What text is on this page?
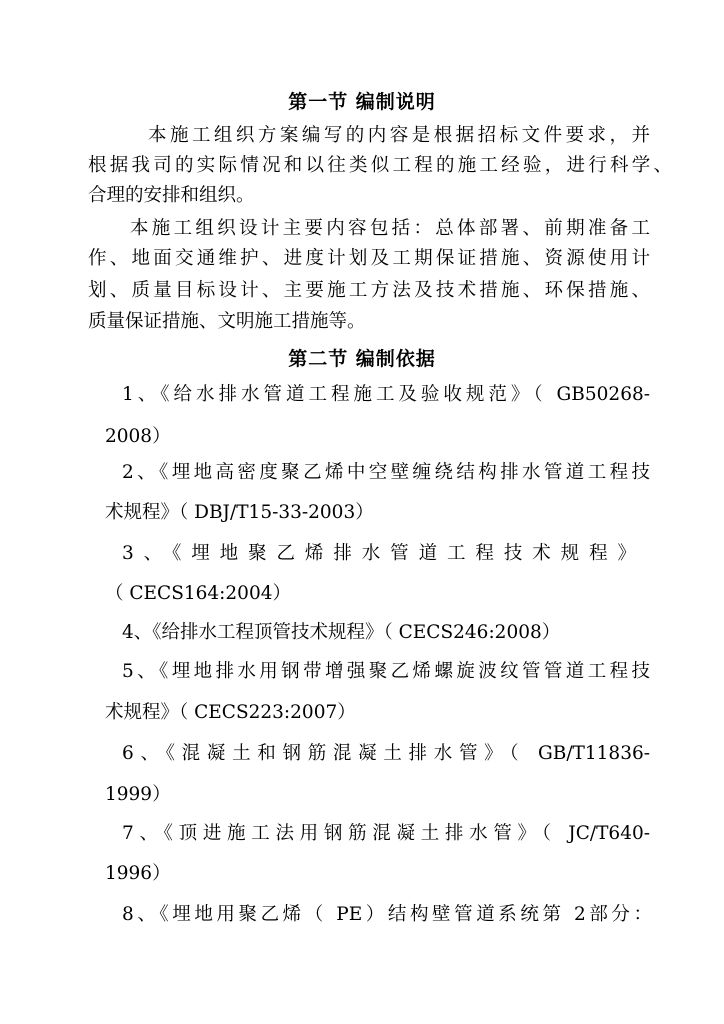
第一节 编制说明
本施工组织方案编写的内容是根据招标文件要求，并
根据我司的实际情况和以往类似工程的施工经验，进行科学、
合理的安排和组织。
本施工组织设计主要内容包括：总体部署、前期准备工
作、地面交通维护、进度计划及工期保证措施、资源使用计
划、质量目标设计、主要施工方法及技术措施、环保措施、
质量保证措施、文明施工措施等。
第二节 编制依据
1、《给水排水管道工程施工及验收规范》（ GB50268-
2008）
2、《埋地高密度聚乙烯中空壁缠绕结构排水管道工程技
术规程》（ DBJ/T15-33-2003）
3、《埋地聚乙烯排水管道工程技术规程》
（ CECS164:2004）
4、《给排水工程顶管技术规程》（ CECS246:2008）
5、《埋地排水用钢带增强聚乙烯螺旋波纹管管道工程技
术规程》（ CECS223:2007）
6、《混凝土和钢筋混凝土排水管》（ GB/T11836-
1999）
7、《顶进施工法用钢筋混凝土排水管》（ JC/T640-
1996）
8、《埋地用聚乙烯（ PE）结构壁管道系统第 2部分：
